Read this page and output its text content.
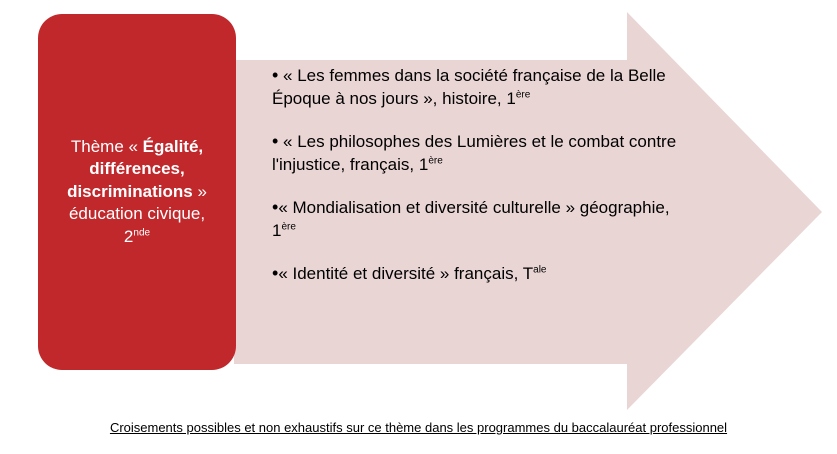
Thème « Égalité, différences, discriminations »
éducation civique,
2nde

• « Les femmes dans la société française de la Belle Époque à nos jours », histoire, 1ère

• « Les philosophes des Lumières et le combat contre l'injustice, français, 1ère

•« Mondialisation et diversité culturelle » géographie, 1ère

•« Identité et diversité » français, $T^{ale}$

Croisements possibles et non exhaustifs sur ce thème dans les programmes du baccalauréat professionnel
